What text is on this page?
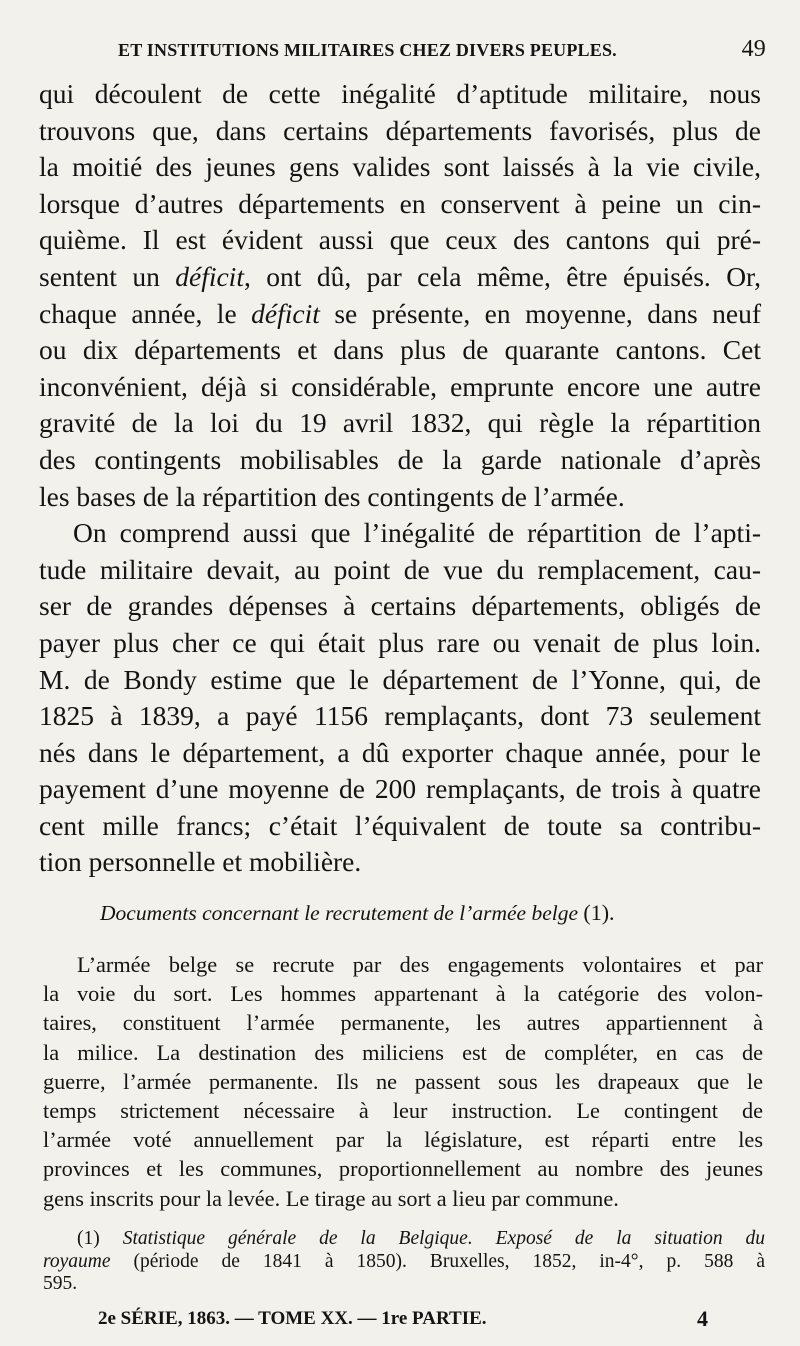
ET INSTITUTIONS MILITAIRES CHEZ DIVERS PEUPLES.	49
qui découlent de cette inégalité d’aptitude militaire, nous
trouvons que, dans certains départements favorisés, plus de
la moitié des jeunes gens valides sont laissés à la vie civile,
lorsque d’autres départements en conservent à peine un cin-
quième. Il est évident aussi que ceux des cantons qui pré-
sentent un déficit, ont dû, par cela même, être épuisés. Or,
chaque année, le déficit se présente, en moyenne, dans neuf
ou dix départements et dans plus de quarante cantons. Cet
inconvénient, déjà si considérable, emprunte encore une autre
gravité de la loi du 19 avril 1832, qui règle la répartition
des contingents mobilisables de la garde nationale d’après
les bases de la répartition des contingents de l’armée.
On comprend aussi que l’inégalité de répartition de l’apti-
tude militaire devait, au point de vue du remplacement, cau-
ser de grandes dépenses à certains départements, obligés de
payer plus cher ce qui était plus rare ou venait de plus loin.
M. de Bondy estime que le département de l’Yonne, qui, de
1825 à 1839, a payé 1156 remplaçants, dont 73 seulement
nés dans le département, a dû exporter chaque année, pour le
payement d’une moyenne de 200 remplaçants, de trois à quatre
cent mille francs; c’était l’équivalent de toute sa contribu-
tion personnelle et mobilière.
Documents concernant le recrutement de l’armée belge (1).
L’armée belge se recrute par des engagements volontaires et par
la voie du sort. Les hommes appartenant à la catégorie des volon-
taires, constituent l’armée permanente, les autres appartiennent à
la milice. La destination des miliciens est de compléter, en cas de
guerre, l’armée permanente. Ils ne passent sous les drapeaux que le
temps strictement nécessaire à leur instruction. Le contingent de
l’armée voté annuellement par la législature, est réparti entre les
provinces et les communes, proportionnellement au nombre des jeunes
gens inscrits pour la levée. Le tirage au sort a lieu par commune.
(1) Statistique générale de la Belgique. Exposé de la situation du
royaume (période de 1841 à 1850). Bruxelles, 1852, in-4°, p. 588 à
595.
2e SÉRIE, 1863. — TOME XX. — 1re PARTIE.	4
